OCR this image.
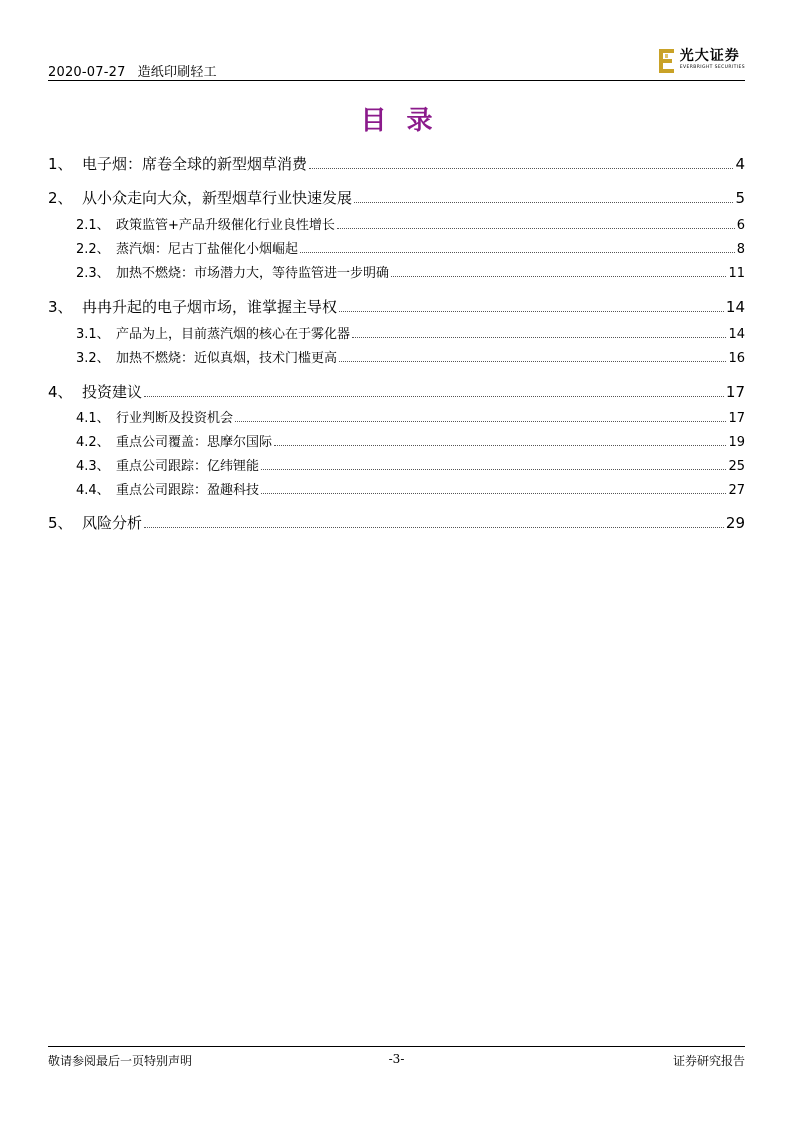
2020-07-27 造纸印刷轻工
光大证券
EVERBRIGHT SECURITIES
目录
1、 电子烟：席卷全球的新型烟草消费	4
2、 从小众走向大众，新型烟草行业快速发展	5
2.1、 政策监管+产品升级催化行业良性增长	6
2.2、 蒸汽烟：尼古丁盐催化小烟崛起	8
2.3、 加热不燃烧：市场潜力大，等待监管进一步明确	11
3、 冉冉升起的电子烟市场，谁掌握主导权	14
3.1、 产品为上，目前蒸汽烟的核心在于雾化器	14
3.2、 加热不燃烧：近似真烟，技术门槛更高	16
4、 投资建议	17
4.1、 行业判断及投资机会	17
4.2、 重点公司覆盖：思摩尔国际	19
4.3、 重点公司跟踪：亿纬锂能	25
4.4、 重点公司跟踪：盈趣科技	27
5、 风险分析	29
敬请参阅最后一页特别声明	-3-	证券研究报告
